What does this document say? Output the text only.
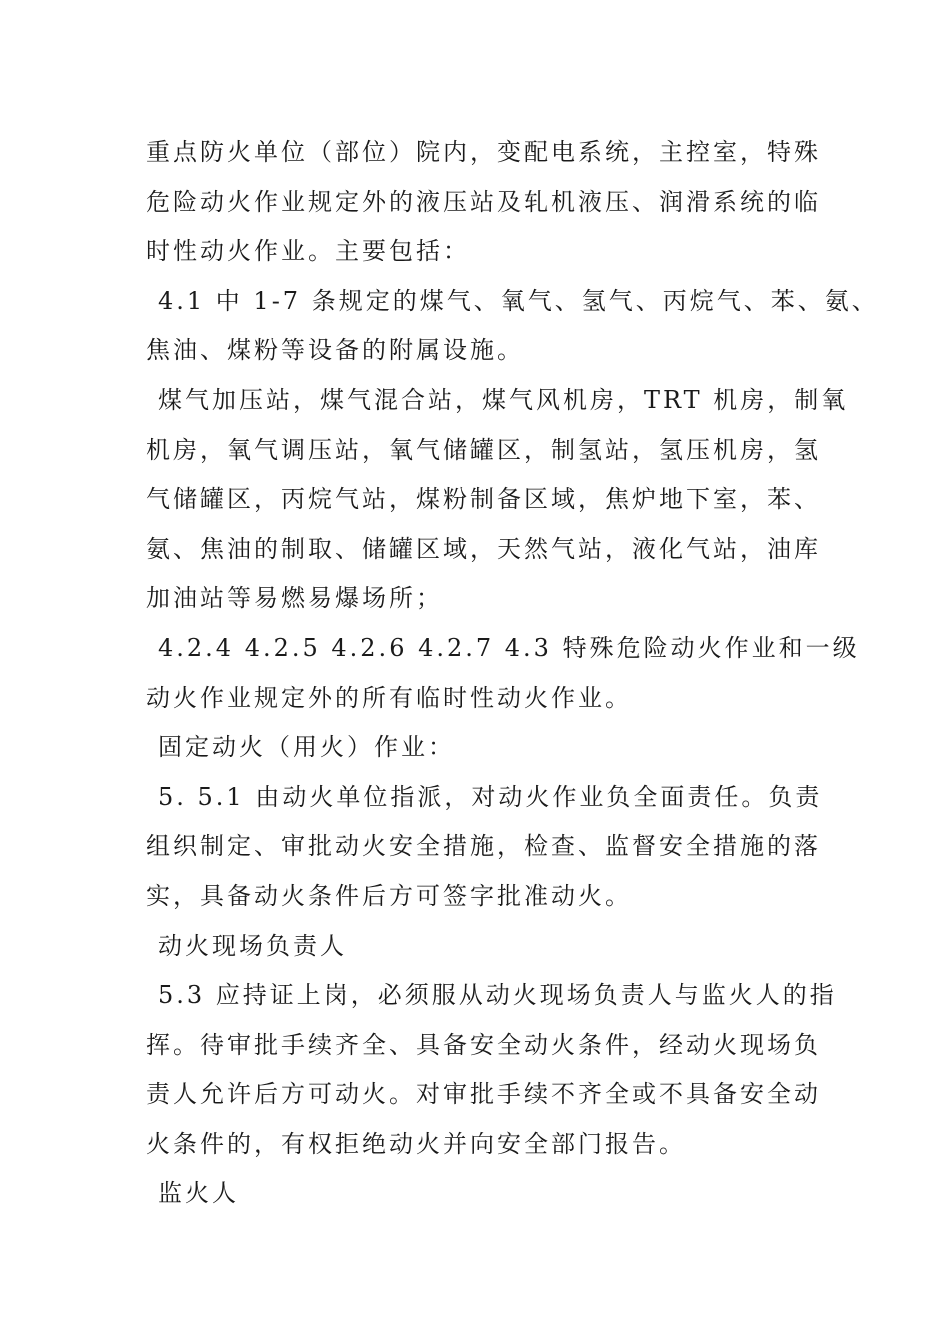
重点防火单位（部位）院内，变配电系统，主控室，特殊
危险动火作业规定外的液压站及轧机液压、润滑系统的临
时性动火作业。主要包括：
4.1 中 1-7 条规定的煤气、氧气、氢气、丙烷气、苯、氨、
焦油、煤粉等设备的附属设施。
煤气加压站，煤气混合站，煤气风机房，TRT 机房，制氧
机房，氧气调压站，氧气储罐区，制氢站，氢压机房，氢
气储罐区，丙烷气站，煤粉制备区域，焦炉地下室，苯、
氨、焦油的制取、储罐区域，天然气站，液化气站，油库
加油站等易燃易爆场所；
4.2.4 4.2.5 4.2.6 4.2.7 4.3 特殊危险动火作业和一级
动火作业规定外的所有临时性动火作业。
固定动火（用火）作业：
5. 5.1 由动火单位指派，对动火作业负全面责任。负责
组织制定、审批动火安全措施，检查、监督安全措施的落
实，具备动火条件后方可签字批准动火。
动火现场负责人
5.3 应持证上岗，必须服从动火现场负责人与监火人的指
挥。待审批手续齐全、具备安全动火条件，经动火现场负
责人允许后方可动火。对审批手续不齐全或不具备安全动
火条件的，有权拒绝动火并向安全部门报告。
监火人
